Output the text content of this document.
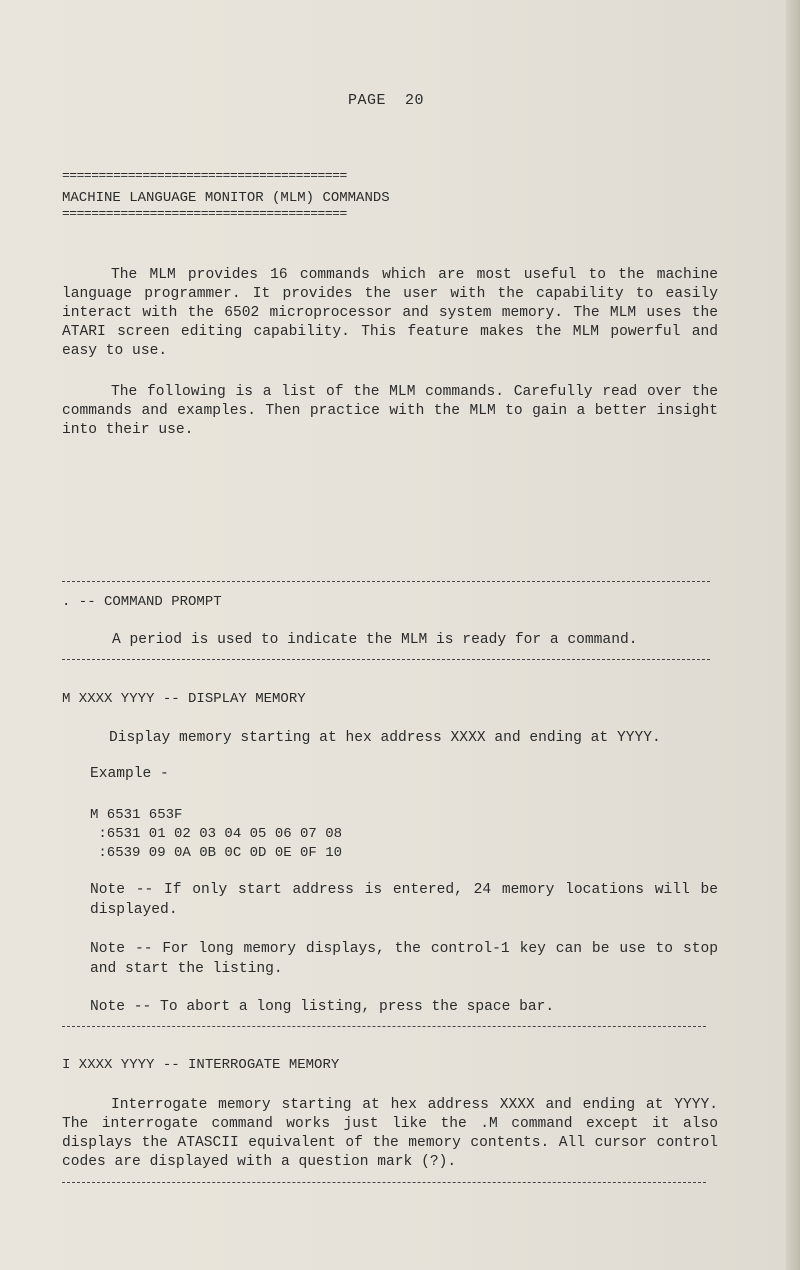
PAGE  20
=======================================
MACHINE LANGUAGE MONITOR (MLM) COMMANDS
=======================================

The MLM provides 16 commands which are most useful to the machine language programmer. It provides the user with the capability to easily interact with the 6502 microprocessor and system memory. The MLM uses the ATARI screen editing capability. This feature makes the MLM powerful and easy to use.

The following is a list of the MLM commands. Carefully read over the commands and examples. Then practice with the MLM to gain a better insight into their use.

. -- COMMAND PROMPT
A period is used to indicate the MLM is ready for a command.
M XXXX YYYY -- DISPLAY MEMORY
Display memory starting at hex address XXXX and ending at YYYY.
Example -
M 6531 653F
:6531 01 02 03 04 05 06 07 08
:6539 09 0A 0B 0C 0D 0E 0F 10

Note -- If only start address is entered, 24 memory locations will be displayed.

Note -- For long memory displays, the control-1 key can be use to stop and start the listing.

Note -- To abort a long listing, press the space bar.
I XXXX YYYY -- INTERROGATE MEMORY

Interrogate memory starting at hex address XXXX and ending at YYYY. The interrogate command works just like the .M command except it also displays the ATASCII equivalent of the memory contents. All cursor control codes are displayed with a question mark (?).
